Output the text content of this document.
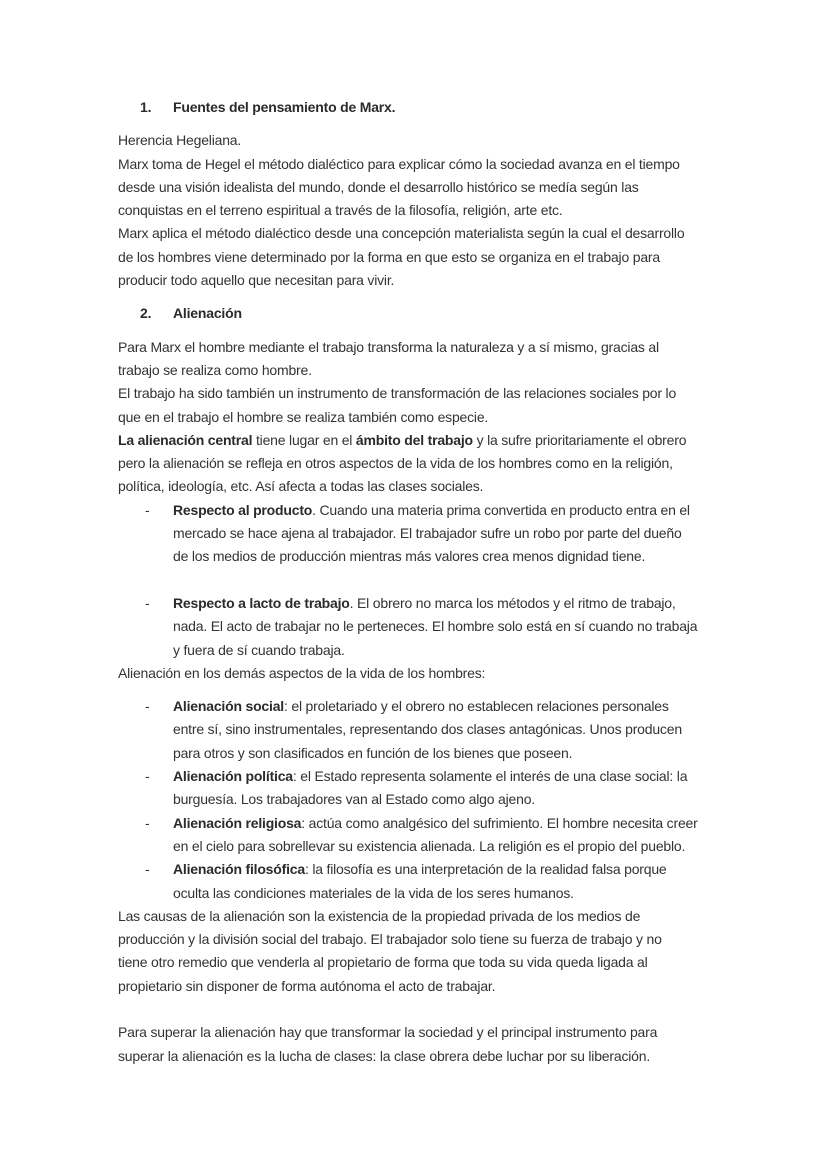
1.	Fuentes del pensamiento de Marx.
Herencia Hegeliana.
Marx toma de Hegel el método dialéctico para explicar cómo la sociedad avanza en el tiempo
desde una visión idealista del mundo, donde el desarrollo histórico se medía según las
conquistas en el terreno espiritual a través de la filosofía, religión, arte etc.
Marx aplica el método dialéctico desde una concepción materialista según la cual el desarrollo
de los hombres viene determinado por la forma en que esto se organiza en el trabajo para
producir todo aquello que necesitan para vivir.
2.	Alienación
Para Marx el hombre mediante el trabajo transforma la naturaleza y a sí mismo, gracias al
trabajo se realiza como hombre.
El trabajo ha sido también un instrumento de transformación de las relaciones sociales por lo
que en el trabajo el hombre se realiza también como especie.
La alienación central tiene lugar en el ámbito del trabajo y la sufre prioritariamente el obrero
pero la alienación se refleja en otros aspectos de la vida de los hombres como en la religión,
política, ideología, etc. Así afecta a todas las clases sociales.
-	Respecto al producto. Cuando una materia prima convertida en producto entra en el
mercado se hace ajena al trabajador. El trabajador sufre un robo por parte del dueño
de los medios de producción mientras más valores crea menos dignidad tiene.
-	Respecto a lacto de trabajo. El obrero no marca los métodos y el ritmo de trabajo,
nada. El acto de trabajar no le perteneces. El hombre solo está en sí cuando no trabaja
y fuera de sí cuando trabaja.
Alienación en los demás aspectos de la vida de los hombres:
-	Alienación social: el proletariado y el obrero no establecen relaciones personales
entre sí, sino instrumentales, representando dos clases antagónicas. Unos producen
para otros y son clasificados en función de los bienes que poseen.
-	Alienación política: el Estado representa solamente el interés de una clase social: la
burguesía. Los trabajadores van al Estado como algo ajeno.
-	Alienación religiosa: actúa como analgésico del sufrimiento. El hombre necesita creer
en el cielo para sobrellevar su existencia alienada. La religión es el propio del pueblo.
-	Alienación filosófica: la filosofía es una interpretación de la realidad falsa porque
oculta las condiciones materiales de la vida de los seres humanos.
Las causas de la alienación son la existencia de la propiedad privada de los medios de
producción y la división social del trabajo. El trabajador solo tiene su fuerza de trabajo y no
tiene otro remedio que venderla al propietario de forma que toda su vida queda ligada al
propietario sin disponer de forma autónoma el acto de trabajar.
Para superar la alienación hay que transformar la sociedad y el principal instrumento para
superar la alienación es la lucha de clases: la clase obrera debe luchar por su liberación.
